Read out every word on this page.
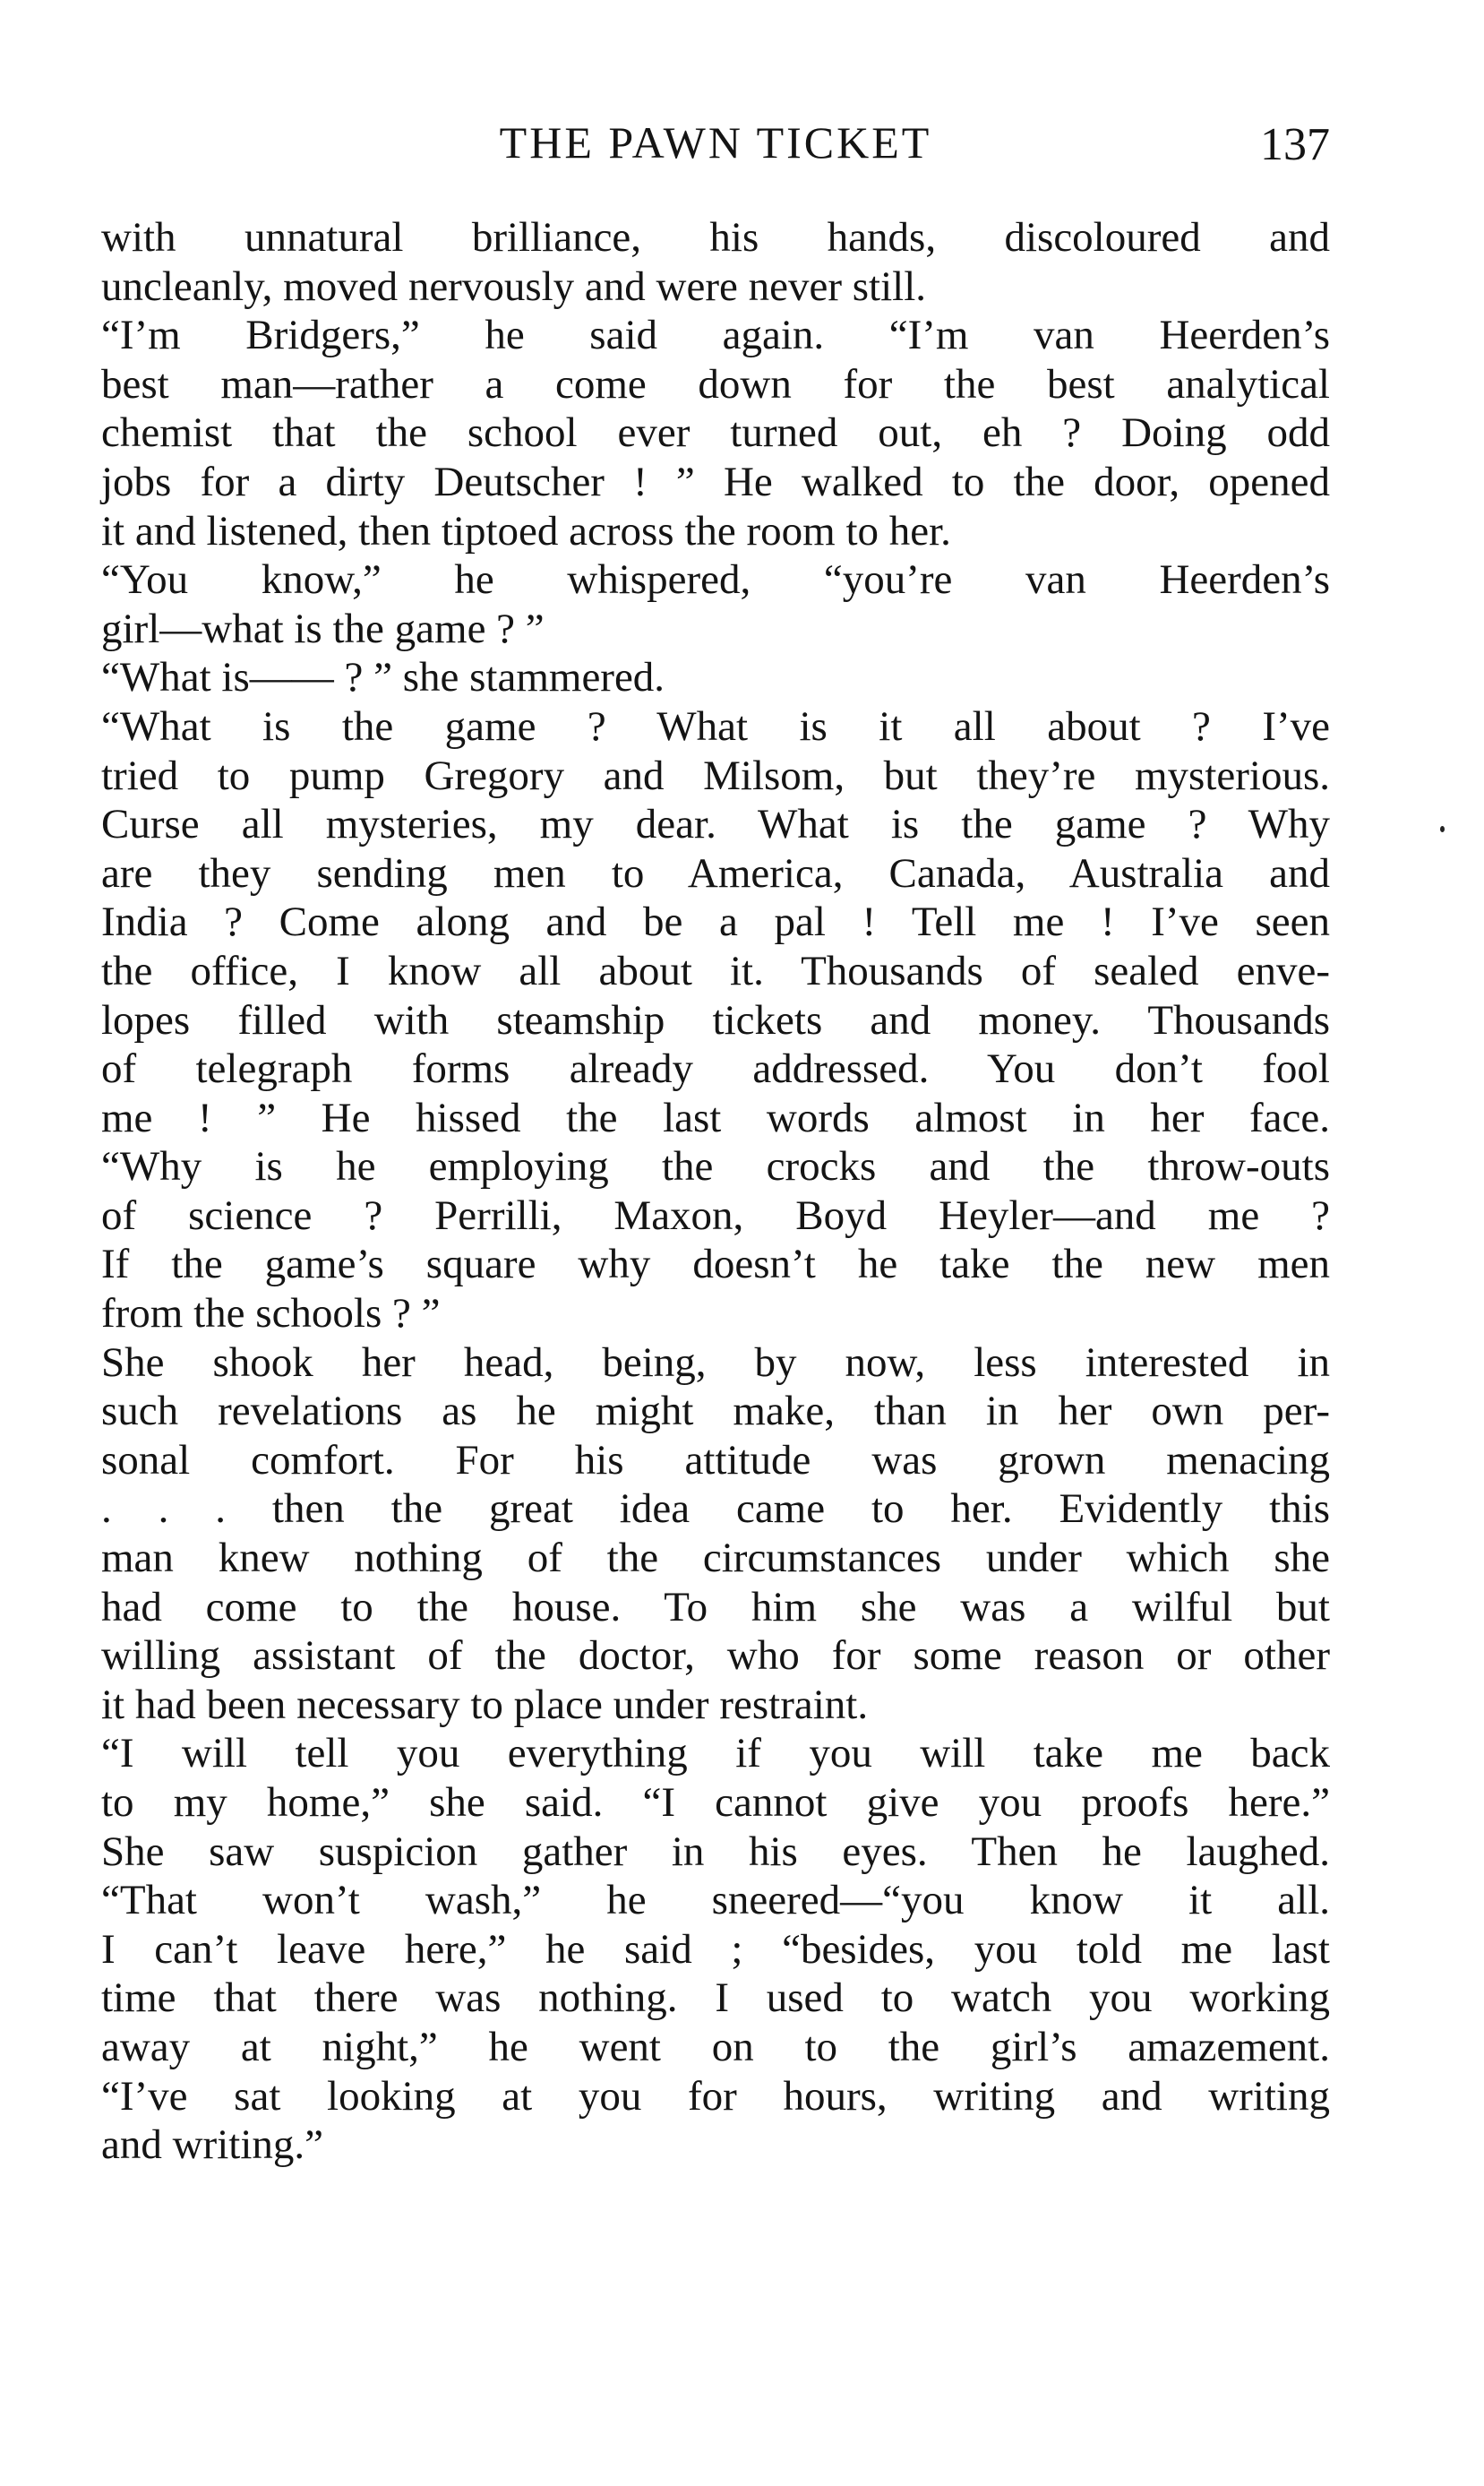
THE PAWN TICKET	137
with unnatural brilliance, his hands, discoloured and
uncleanly, moved nervously and were never still.
“I’m Bridgers,” he said again. “I’m van Heerden’s
best man—rather a come down for the best analytical
chemist that the school ever turned out, eh ? Doing odd
jobs for a dirty Deutscher ! ” He walked to the door, opened
it and listened, then tiptoed across the room to her.
“You know,” he whispered, “you’re van Heerden’s
girl—what is the game ? ”
“What is—— ? ” she stammered.
“What is the game ? What is it all about ? I’ve
tried to pump Gregory and Milsom, but they’re mysterious.
Curse all mysteries, my dear. What is the game ? Why
are they sending men to America, Canada, Australia and
India ? Come along and be a pal ! Tell me ! I’ve seen
the office, I know all about it. Thousands of sealed enve-
lopes filled with steamship tickets and money. Thousands
of telegraph forms already addressed. You don’t fool
me ! ” He hissed the last words almost in her face.
“Why is he employing the crocks and the throw-outs
of science ? Perrilli, Maxon, Boyd Heyler—and me ?
If the game’s square why doesn’t he take the new men
from the schools ? ”
She shook her head, being, by now, less interested in
such revelations as he might make, than in her own per-
sonal comfort. For his attitude was grown menacing
. . . then the great idea came to her. Evidently this
man knew nothing of the circumstances under which she
had come to the house. To him she was a wilful but
willing assistant of the doctor, who for some reason or other
it had been necessary to place under restraint.
“I will tell you everything if you will take me back
to my home,” she said. “I cannot give you proofs here.”
She saw suspicion gather in his eyes. Then he laughed.
“That won’t wash,” he sneered—“you know it all.
I can’t leave here,” he said ; “besides, you told me last
time that there was nothing. I used to watch you working
away at night,” he went on to the girl’s amazement.
“I’ve sat looking at you for hours, writing and writing
and writing.”
